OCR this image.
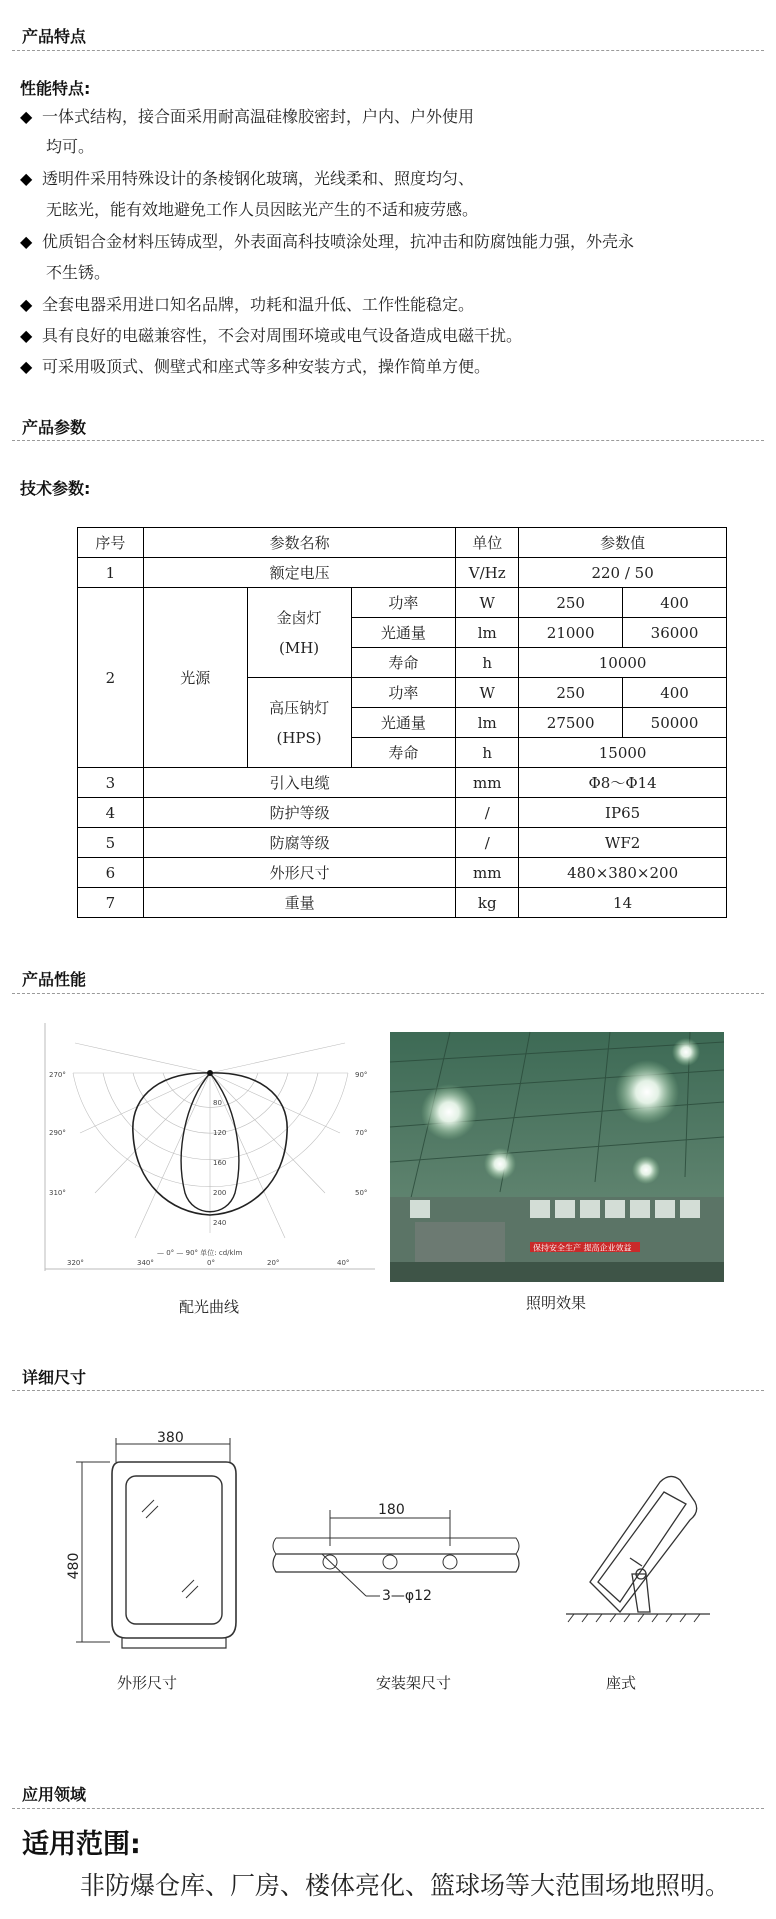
产品特点
性能特点:
◆ 一体式结构，接合面采用耐高温硅橡胶密封，户内、户外使用
均可。
◆ 透明件采用特殊设计的条棱钢化玻璃，光线柔和、照度均匀、
无眩光，能有效地避免工作人员因眩光产生的不适和疲劳感。
◆ 优质铝合金材料压铸成型，外表面高科技喷涂处理，抗冲击和防腐蚀能力强，外壳永
不生锈。
◆ 全套电器采用进口知名品牌，功耗和温升低、工作性能稳定。
◆ 具有良好的电磁兼容性，不会对周围环境或电气设备造成电磁干扰。
◆ 可采用吸顶式、侧壁式和座式等多种安装方式，操作简单方便。
产品参数
技术参数:
序号	参数名称			单位	参数值	
1	额定电压			V/Hz	220 / 50	
2	光源	金卤灯
(MH)	功率	W	250	400
			光通量	lm	21000	36000
			寿命	h	10000	
		高压钠灯
(HPS)	功率	W	250	400
			光通量	lm	27500	50000
			寿命	h	15000	
3	引入电缆			mm	Φ8～Φ14	
4	防护等级			/	IP65	
5	防腐等级			/	WF2	
6	外形尺寸			mm	480×380×200	
7	重量			kg	14	
产品性能
270°
290°
310°
90°
70°
50°
320°	340°	0°	20°	40°
80
120
160
200
240
— 0° — 90° 单位: cd/klm
保持安全生产 提高企业效益
配光曲线	照明效果
详细尺寸
380
480
180
3—φ12
外形尺寸	安装架尺寸	座式
应用领域
适用范围:
非防爆仓库、厂房、楼体亮化、篮球场等大范围场地照明。
